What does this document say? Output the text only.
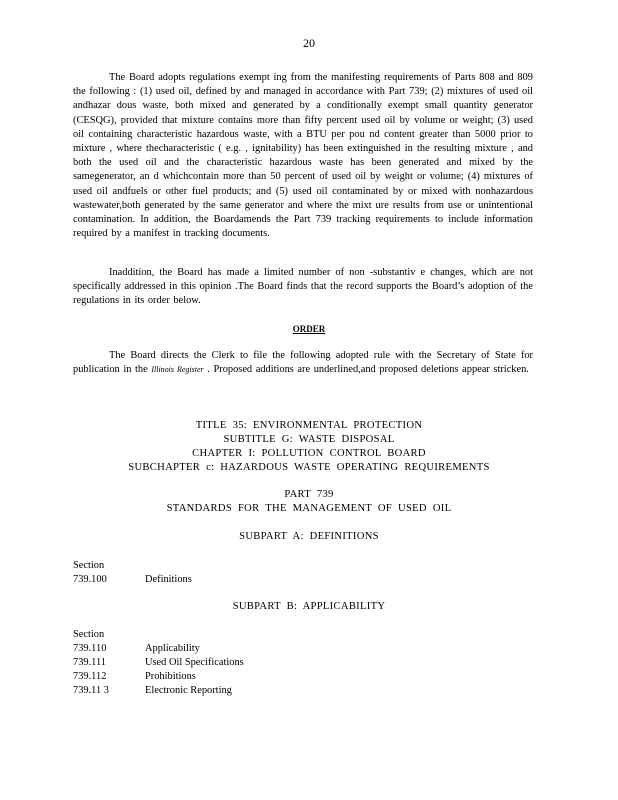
20

The Board adopts regulations exempt ing from the manifesting requirements of Parts 808 and 809 the following : (1) used oil, defined by and managed in accordance with Part 739; (2) mixtures of used oil andhazar dous waste, both mixed and generated by a conditionally exempt small quantity generator (CESQG), provided that mixture contains more than fifty percent used oil by volume or weight; (3) used oil containing characteristic hazardous waste, with a BTU per pou nd content greater than 5000 prior to mixture , where thecharacteristic ( e.g. , ignitability) has been extinguished in the resulting mixture , and both the used oil and the characteristic hazardous waste has been generated and mixed by the samegenerator, an d whichcontain more than 50 percent of used oil by weight or volume; (4) mixtures of used oil andfuels or other fuel products; and (5) used oil contaminated by or mixed with nonhazardous wastewater,both generated by the same generator and where the mixt ure results from use or unintentional contamination. In addition, the Boardamends the Part 739 tracking requirements to include information required by a manifest in tracking documents.

Inaddition, the Board has made a limited number of non -substantiv e changes, which are not specifically addressed in this opinion .The Board finds that the record supports the Board’s adoption of the regulations in its order below.

ORDER

The Board directs the Clerk to file the following adopted rule with the Secretary of State for publication in the Illinois Register . Proposed additions are underlined,and proposed deletions appear stricken.

TITLE 35: ENVIRONMENTAL PROTECTION
SUBTITLE G: WASTE DISPOSAL
CHAPTER I: POLLUTION CONTROL BOARD
SUBCHAPTER c: HAZARDOUS WASTE OPERATING REQUIREMENTS
PART 739
STANDARDS FOR THE MANAGEMENT OF USED OIL
SUBPART A: DEFINITIONS
Section
739.100	Definitions
SUBPART B: APPLICABILITY
Section
739.110	Applicability
739.111	Used Oil Specifications
739.112	Prohibitions
739.11 3	Electronic Reporting
